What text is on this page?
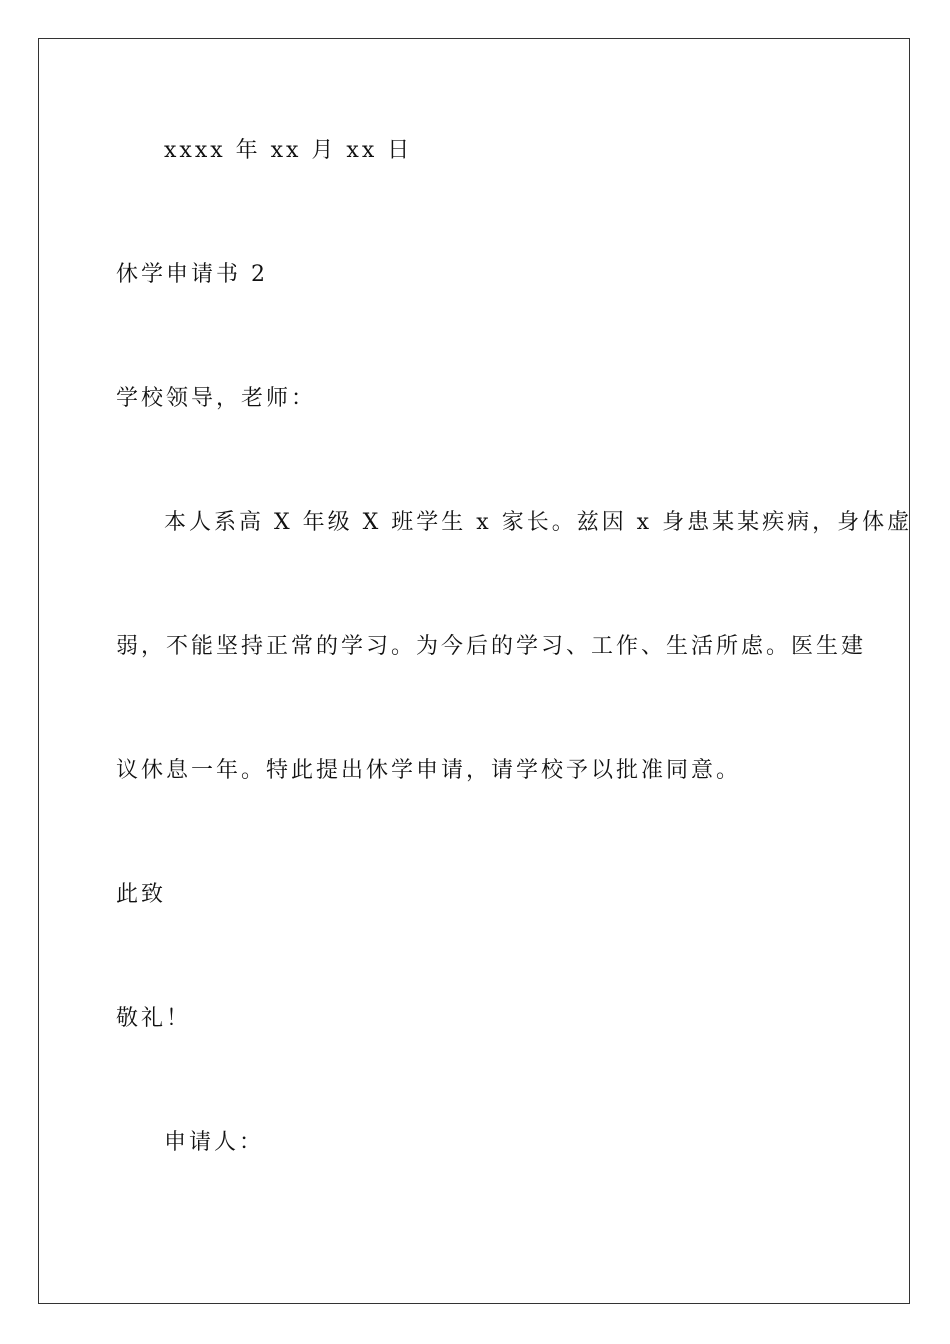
xxxx 年 xx 月 xx 日
休学申请书 2
学校领导，老师：
本人系高 X 年级 X 班学生 x 家长。兹因 x 身患某某疾病，身体虚
弱，不能坚持正常的学习。为今后的学习、工作、生活所虑。医生建
议休息一年。特此提出休学申请，请学校予以批准同意。
此致
敬礼！
申请人：
